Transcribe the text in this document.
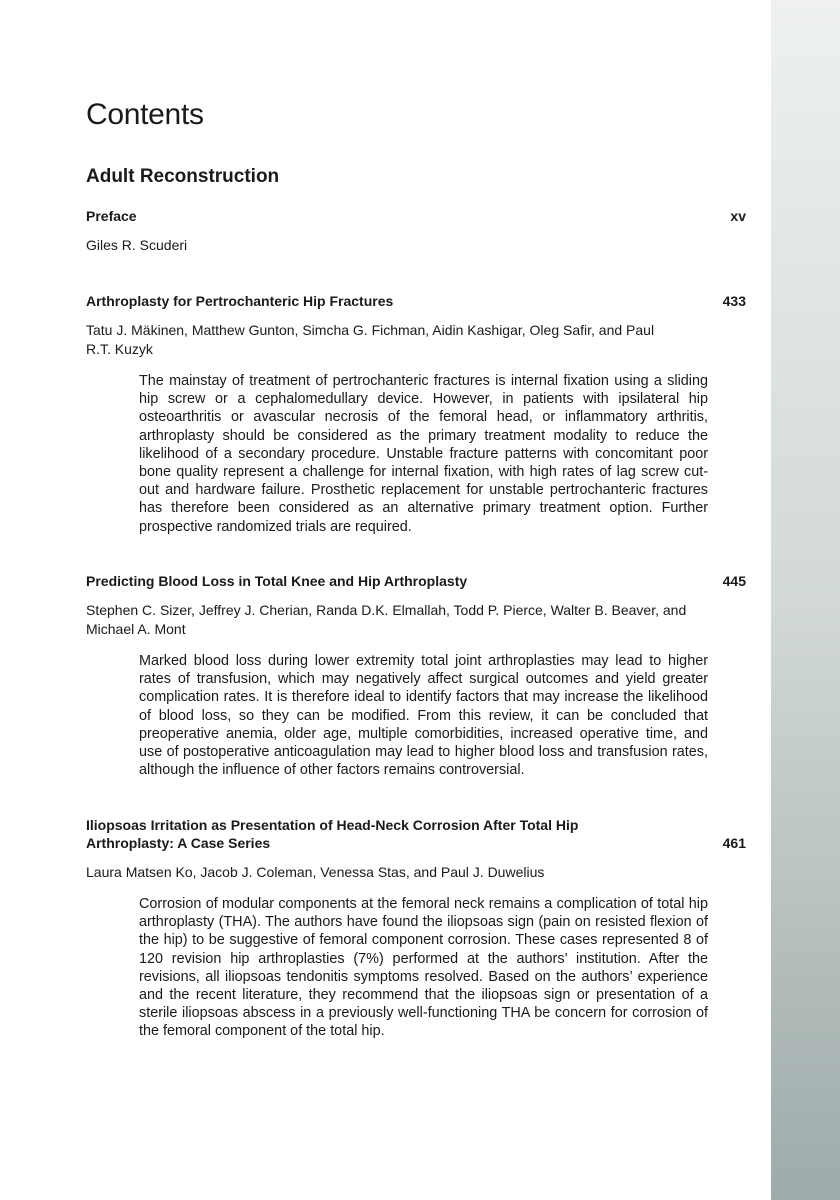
Contents
Adult Reconstruction
xv
Preface
Giles R. Scuderi
433
Arthroplasty for Pertrochanteric Hip Fractures
Tatu J. Mäkinen, Matthew Gunton, Simcha G. Fichman, Aidin Kashigar, Oleg Safir, and Paul R.T. Kuzyk
The mainstay of treatment of pertrochanteric fractures is internal fixation using a sliding hip screw or a cephalomedullary device. However, in patients with ipsilateral hip osteoarthritis or avascular necrosis of the femoral head, or inflammatory arthritis, arthroplasty should be considered as the primary treatment modality to reduce the likelihood of a secondary procedure. Unstable fracture patterns with concomitant poor bone quality represent a challenge for internal fixation, with high rates of lag screw cut-out and hardware failure. Prosthetic replacement for unstable pertrochanteric fractures has therefore been considered as an alternative primary treatment option. Further prospective randomized trials are required.
445
Predicting Blood Loss in Total Knee and Hip Arthroplasty
Stephen C. Sizer, Jeffrey J. Cherian, Randa D.K. Elmallah, Todd P. Pierce, Walter B. Beaver, and Michael A. Mont
Marked blood loss during lower extremity total joint arthroplasties may lead to higher rates of transfusion, which may negatively affect surgical outcomes and yield greater complication rates. It is therefore ideal to identify factors that may increase the likelihood of blood loss, so they can be modified. From this review, it can be concluded that preoperative anemia, older age, multiple comorbidities, increased operative time, and use of postoperative anticoagulation may lead to higher blood loss and transfusion rates, although the influence of other factors remains controversial.
461
Iliopsoas Irritation as Presentation of Head-Neck Corrosion After Total Hip Arthroplasty: A Case Series
Laura Matsen Ko, Jacob J. Coleman, Venessa Stas, and Paul J. Duwelius
Corrosion of modular components at the femoral neck remains a complication of total hip arthroplasty (THA). The authors have found the iliopsoas sign (pain on resisted flexion of the hip) to be suggestive of femoral component corrosion. These cases represented 8 of 120 revision hip arthroplasties (7%) performed at the authors’ institution. After the revisions, all iliopsoas tendonitis symptoms resolved. Based on the authors’ experience and the recent literature, they recommend that the iliopsoas sign or presentation of a sterile iliopsoas abscess in a previously well-functioning THA be concern for corrosion of the femoral component of the total hip.
